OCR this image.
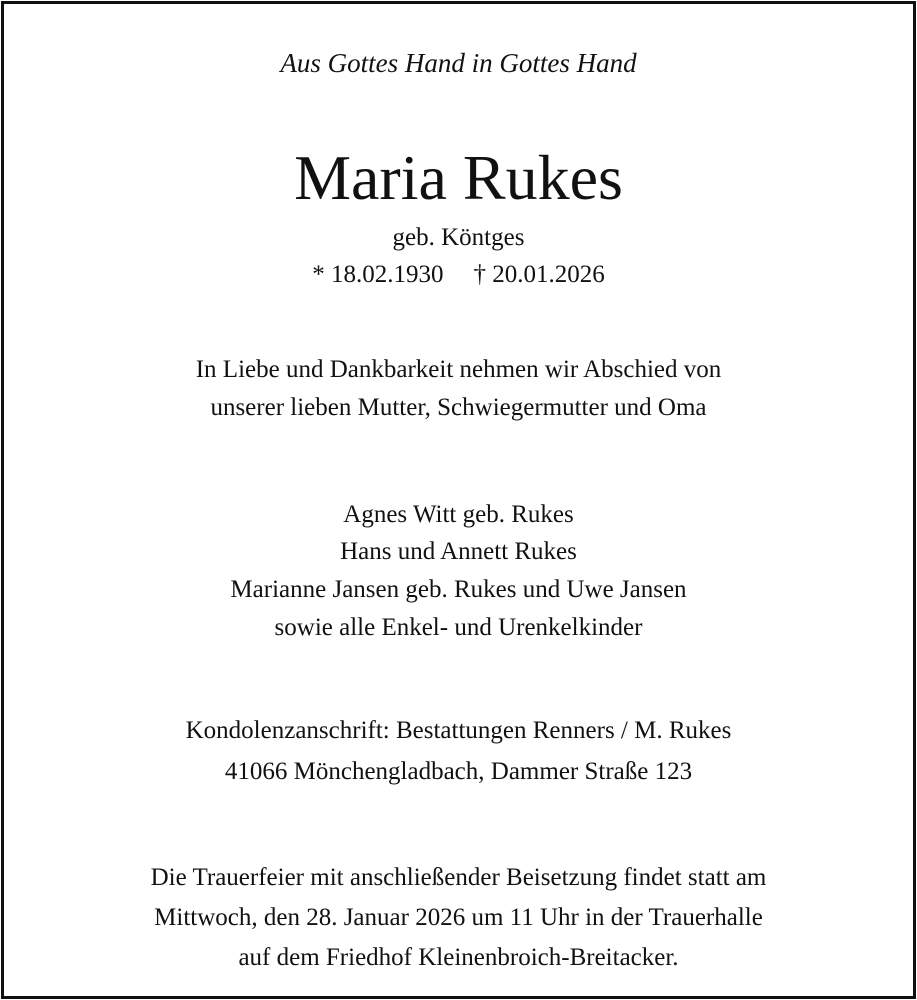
Aus Gottes Hand in Gottes Hand
Maria Rukes
geb. Köntges
* 18.02.1930 † 20.01.2026
In Liebe und Dankbarkeit nehmen wir Abschied von
unserer lieben Mutter, Schwiegermutter und Oma
Agnes Witt geb. Rukes
Hans und Annett Rukes
Marianne Jansen geb. Rukes und Uwe Jansen
sowie alle Enkel- und Urenkelkinder
Kondolenzanschrift: Bestattungen Renners / M. Rukes
41066 Mönchengladbach, Dammer Straße 123
Die Trauerfeier mit anschließender Beisetzung findet statt am
Mittwoch, den 28. Januar 2026 um 11 Uhr in der Trauerhalle
auf dem Friedhof Kleinenbroich-Breitacker.
